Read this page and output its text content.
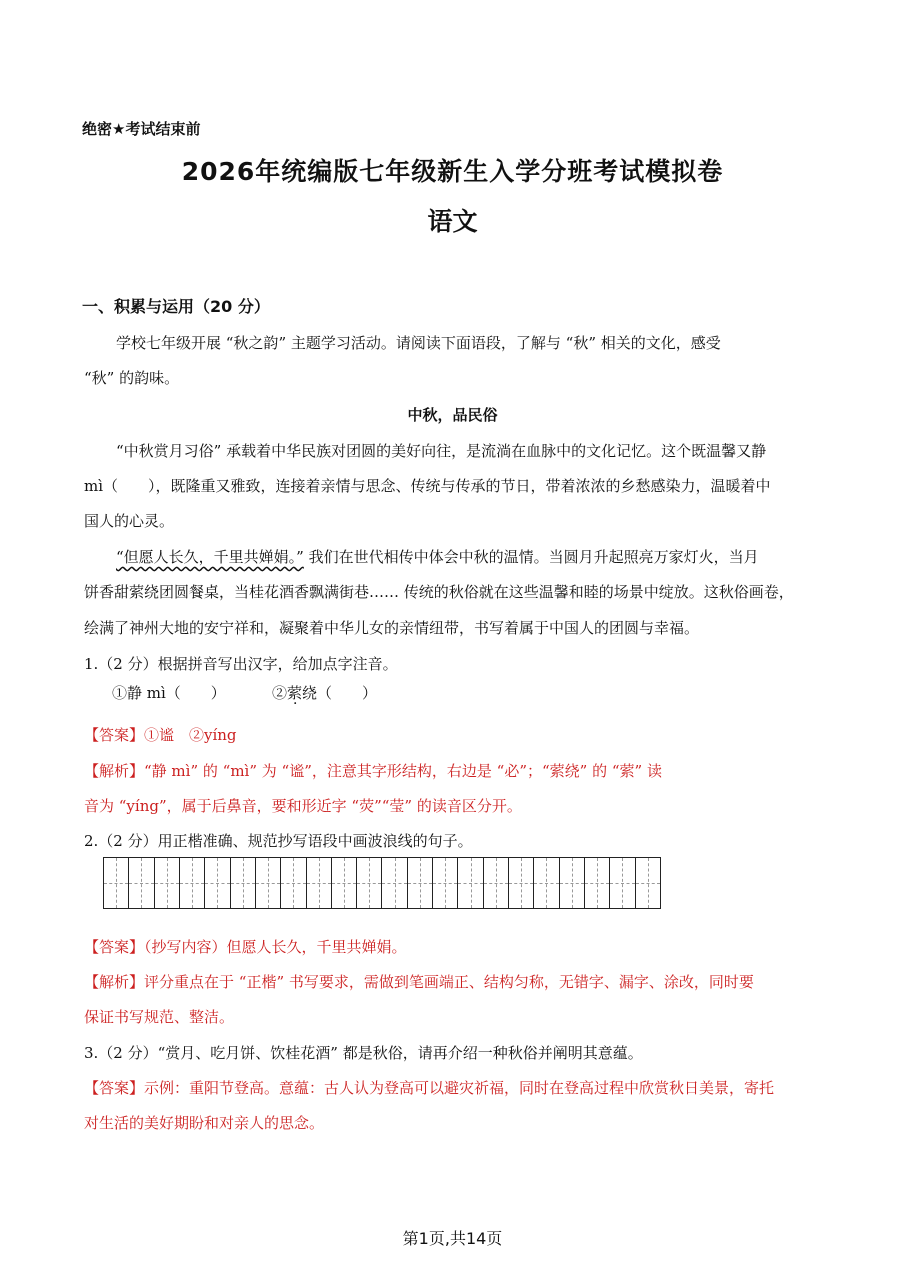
绝密★考试结束前
2026年统编版七年级新生入学分班考试模拟卷
语文
一、积累与运用（20 分）
学校七年级开展 “秋之韵” 主题学习活动。请阅读下面语段，了解与 “秋” 相关的文化，感受
“秋” 的韵味。
中秋，品民俗
“中秋赏月习俗” 承载着中华民族对团圆的美好向往，是流淌在血脉中的文化记忆。这个既温馨又静
mì（　　），既隆重又雅致，连接着亲情与思念、传统与传承的节日，带着浓浓的乡愁感染力，温暖着中
国人的心灵。
“但愿人长久，千里共婵娟。” 我们在世代相传中体会中秋的温情。当圆月升起照亮万家灯火，当月
饼香甜萦绕团圆餐桌，当桂花酒香飘满街巷…… 传统的秋俗就在这些温馨和睦的场景中绽放。这秋俗画卷，
绘满了神州大地的安宁祥和，凝聚着中华儿女的亲情纽带，书写着属于中国人的团圆与幸福。
1.（2 分）根据拼音写出汉字，给加点字注音。
①静 mì（　　）	②萦绕（　　）
【答案】①谧　②yíng
【解析】“静 mì” 的 “mì” 为 “谧”，注意其字形结构，右边是 “必”；“萦绕” 的 “萦” 读
音为 “yíng”，属于后鼻音，要和形近字 “荧”“莹” 的读音区分开。
2.（2 分）用正楷准确、规范抄写语段中画波浪线的句子。
【答案】（抄写内容）但愿人长久，千里共婵娟。
【解析】评分重点在于 “正楷” 书写要求，需做到笔画端正、结构匀称，无错字、漏字、涂改，同时要
保证书写规范、整洁。
3.（2 分）“赏月、吃月饼、饮桂花酒” 都是秋俗，请再介绍一种秋俗并阐明其意蕴。
【答案】示例：重阳节登高。意蕴：古人认为登高可以避灾祈福，同时在登高过程中欣赏秋日美景，寄托
对生活的美好期盼和对亲人的思念。
第1页,共14页
